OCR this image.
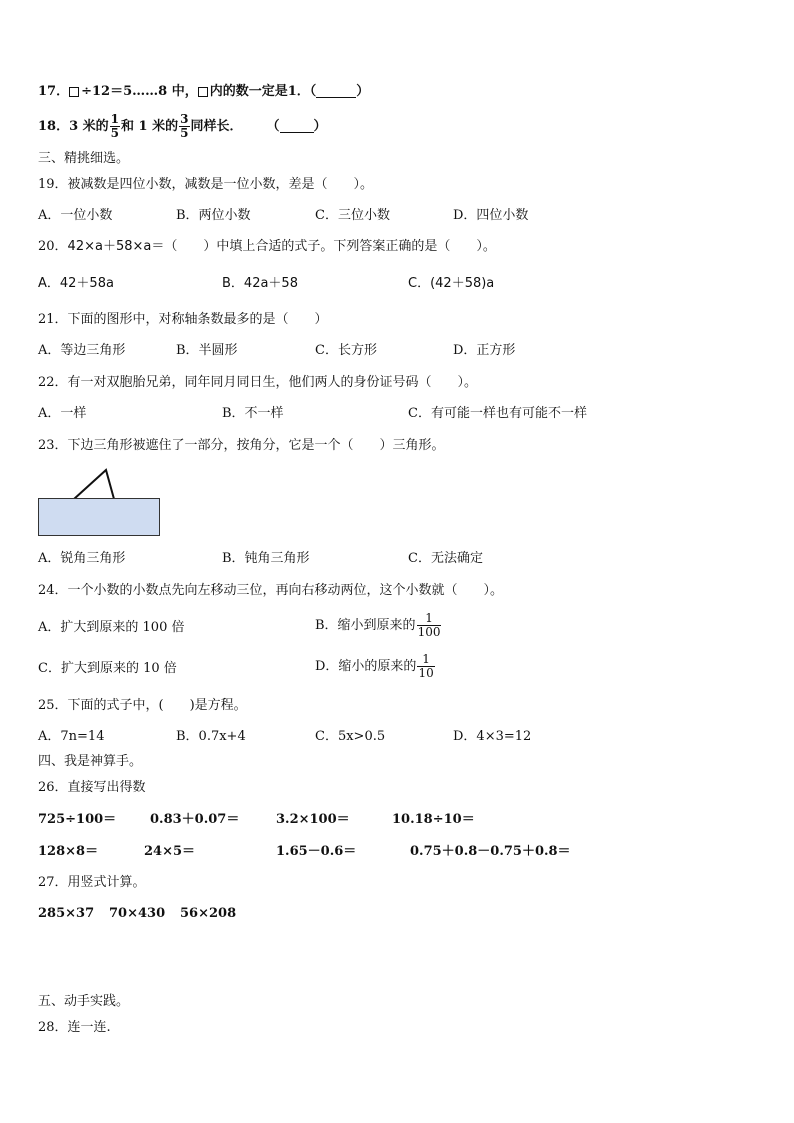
17． ÷12＝5……8 中， 内的数一定是1．（	）
18．3 米的 $\frac{1}{5}$ 和 1 米的 $\frac{3}{5}$ 同样长． （	）
三、精挑细选。
19．被减数是四位小数，减数是一位小数，差是（　　）。
A．一位小数	B．两位小数	C．三位小数	D．四位小数
20．42×a＋58×a＝（　　）中填上合适的式子。下列答案正确的是（　　）。
A．42＋58a	B．42a＋58	C．(42＋58)a
21．下面的图形中，对称轴条数最多的是（　　）
A．等边三角形	B．半圆形	C．长方形	D．正方形
22．有一对双胞胎兄弟，同年同月同日生，他们两人的身份证号码（　　）。
A．一样	B．不一样	C．有可能一样也有可能不一样
23．下边三角形被遮住了一部分，按角分，它是一个（　　）三角形。
A．锐角三角形	B．钝角三角形	C．无法确定
24．一个小数的小数点先向左移动三位，再向右移动两位，这个小数就（　　）。
A．扩大到原来的 100 倍	B．缩小到原来的 $\frac{1}{100}$
C．扩大到原来的 10 倍	D．缩小的原来的 $\frac{1}{10}$
25．下面的式子中，(　　)是方程。
A．7n=14	B．0.7x+4	C．5x>0.5	D．4×3=12
四、我是神算手。
26．直接写出得数
725÷100＝	0.83＋0.07＝	3.2×100＝	10.18÷10＝
128×8＝	24×5＝	1.65－0.6＝	0.75＋0.8－0.75＋0.8＝
27．用竖式计算。
285×37 70×430 56×208
五、动手实践。
28．连一连.
